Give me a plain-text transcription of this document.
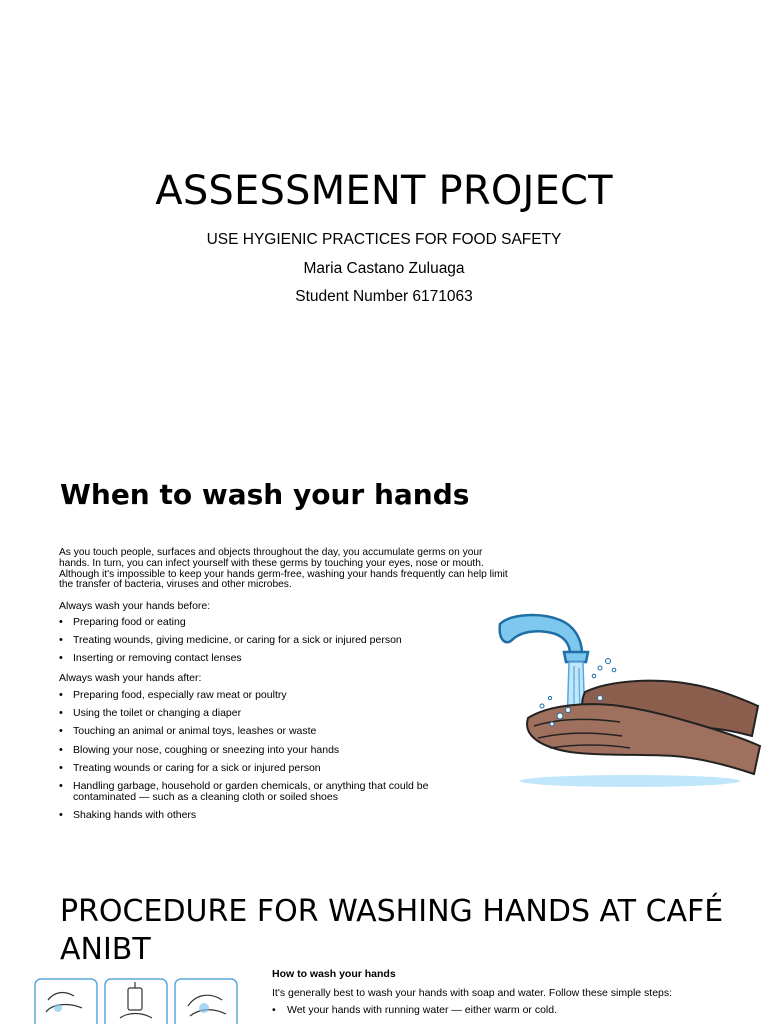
ASSESSMENT PROJECT
USE HYGIENIC PRACTICES FOR FOOD SAFETY
Maria Castano Zuluaga
Student Number 6171063
When to wash your hands
As you touch people, surfaces and objects throughout the day, you accumulate germs on your hands. In turn, you can infect yourself with these germs by touching your eyes, nose or mouth. Although it's impossible to keep your hands germ-free, washing your hands frequently can help limit the transfer of bacteria, viruses and other microbes.
Always wash your hands before:
• Preparing food or eating
• Treating wounds, giving medicine, or caring for a sick or injured person
• Inserting or removing contact lenses
Always wash your hands after:
• Preparing food, especially raw meat or poultry
• Using the toilet or changing a diaper
• Touching an animal or animal toys, leashes or waste
• Blowing your nose, coughing or sneezing into your hands
• Treating wounds or caring for a sick or injured person
• Handling garbage, household or garden chemicals, or anything that could be contaminated — such as a cleaning cloth or soiled shoes
• Shaking hands with others
PROCEDURE FOR WASHING HANDS AT CAFÉ ANIBT
How to wash your hands
It's generally best to wash your hands with soap and water. Follow these simple steps:
• Wet your hands with running water — either warm or cold.
